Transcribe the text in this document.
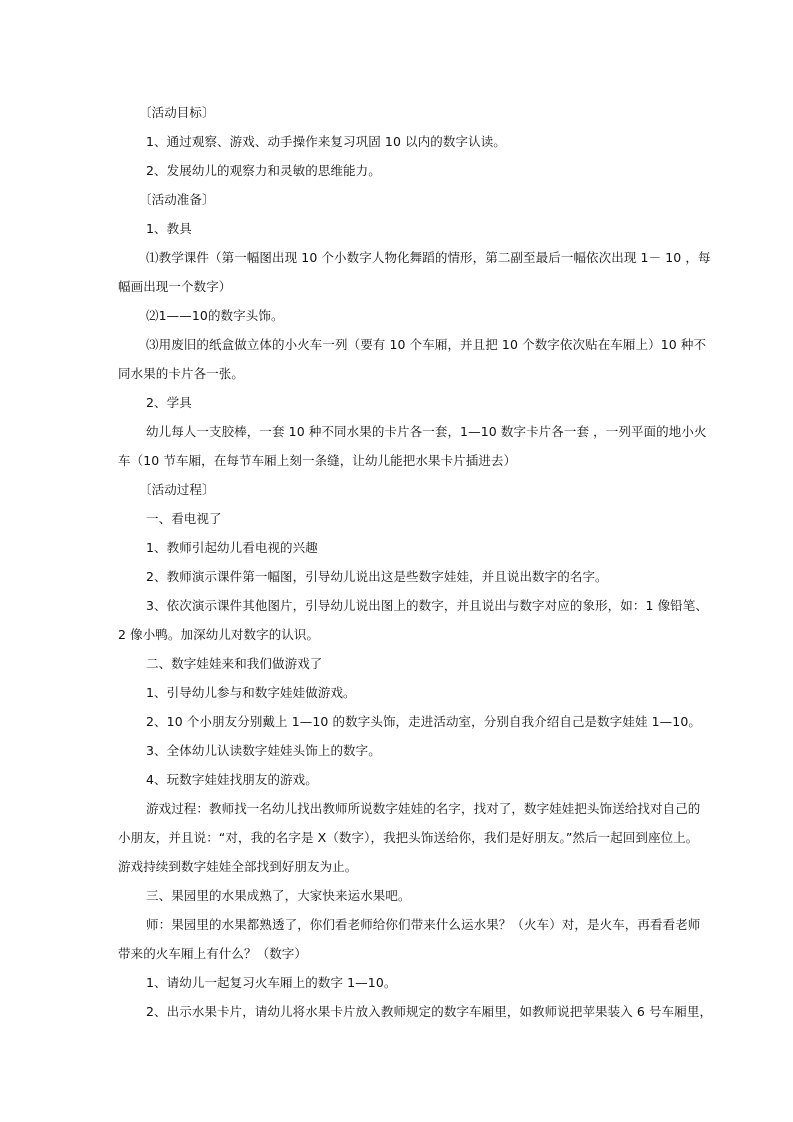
〔活动目标〕
1、通过观察、游戏、动手操作来复习巩固 10 以内的数字认读。
2、发展幼儿的观察力和灵敏的思维能力。
〔活动准备〕
1、教具
⑴教学课件（第一幅图出现 10 个小数字人物化舞蹈的情形，第二副至最后一幅依次出现 1－ 10 ，每
幅画出现一个数字）
⑵1——10的数字头饰。
⑶用废旧的纸盒做立体的小火车一列（要有 10 个车厢，并且把 10 个数字依次贴在车厢上）10 种不
同水果的卡片各一张。
2、学具
幼儿每人一支胶棒，一套 10 种不同水果的卡片各一套，1—10 数字卡片各一套 ，一列平面的地小火
车（10 节车厢，在每节车厢上刻一条缝，让幼儿能把水果卡片插进去）
〔活动过程〕
一、看电视了
1、教师引起幼儿看电视的兴趣
2、教师演示课件第一幅图，引导幼儿说出这是些数字娃娃，并且说出数字的名字。
3、依次演示课件其他图片，引导幼儿说出图上的数字，并且说出与数字对应的象形，如：1 像铅笔、
2 像小鸭。加深幼儿对数字的认识。
二、数字娃娃来和我们做游戏了
1、引导幼儿参与和数字娃娃做游戏。
2、10 个小朋友分别戴上 1—10 的数字头饰，走进活动室，分别自我介绍自己是数字娃娃 1—10。
3、全体幼儿认读数字娃娃头饰上的数字。
4、玩数字娃娃找朋友的游戏。
游戏过程：教师找一名幼儿找出教师所说数字娃娃的名字，找对了，数字娃娃把头饰送给找对自己的
小朋友，并且说：“对，我的名字是 X（数字），我把头饰送给你，我们是好朋友。”然后一起回到座位上。
游戏持续到数字娃娃全部找到好朋友为止。
三、果园里的水果成熟了，大家快来运水果吧。
师：果园里的水果都熟透了，你们看老师给你们带来什么运水果？（火车）对，是火车，再看看老师
带来的火车厢上有什么？（数字）
1、请幼儿一起复习火车厢上的数字 1—10。
2、出示水果卡片，请幼儿将水果卡片放入教师规定的数字车厢里，如教师说把苹果装入 6 号车厢里，
